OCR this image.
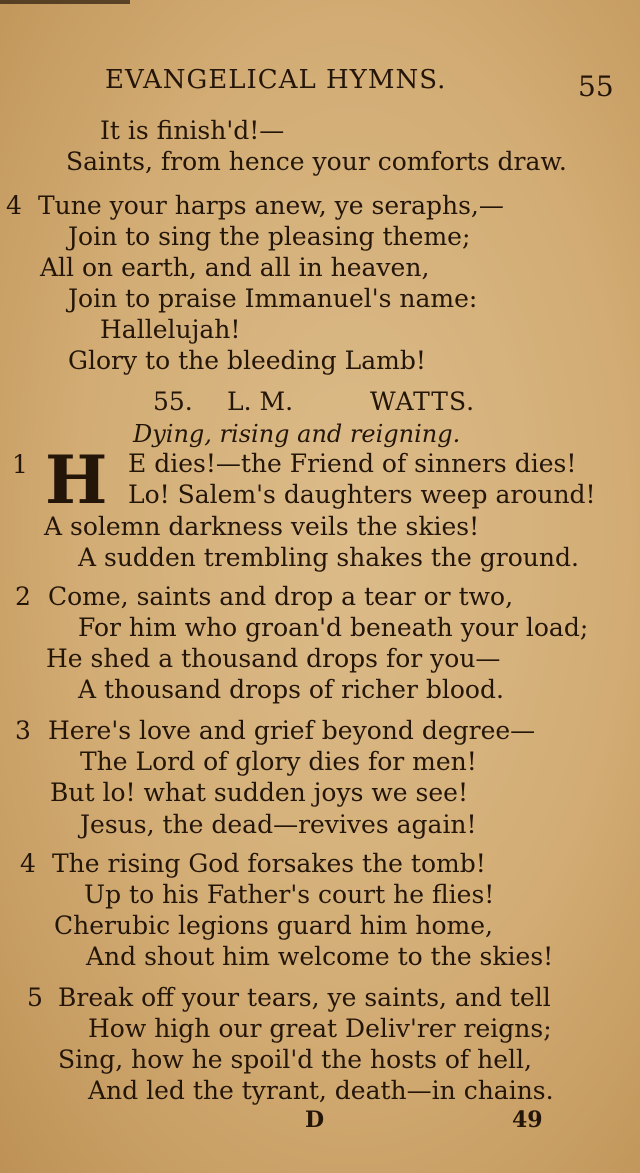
EVANGELICAL HYMNS.	55
It is finish'd!—
Saints, from hence your comforts draw.
4 Tune your harps anew, ye seraphs,—
Join to sing the pleasing theme;
All on earth, and all in heaven,
Join to praise Immanuel's name:
Hallelujah!
Glory to the bleeding Lamb!
55. L. M.	WATTS.
Dying, rising and reigning.
1 H E dies!—the Friend of sinners dies!
Lo! Salem's daughters weep around!
A solemn darkness veils the skies!
A sudden trembling shakes the ground.
2 Come, saints and drop a tear or two,
For him who groan'd beneath your load;
He shed a thousand drops for you—
A thousand drops of richer blood.
3 Here's love and grief beyond degree—
The Lord of glory dies for men!
But lo! what sudden joys we see!
Jesus, the dead—revives again!
4 The rising God forsakes the tomb!
Up to his Father's court he flies!
Cherubic legions guard him home,
And shout him welcome to the skies!
5 Break off your tears, ye saints, and tell
How high our great Deliv'rer reigns;
Sing, how he spoil'd the hosts of hell,
And led the tyrant, death—in chains.
D	49
